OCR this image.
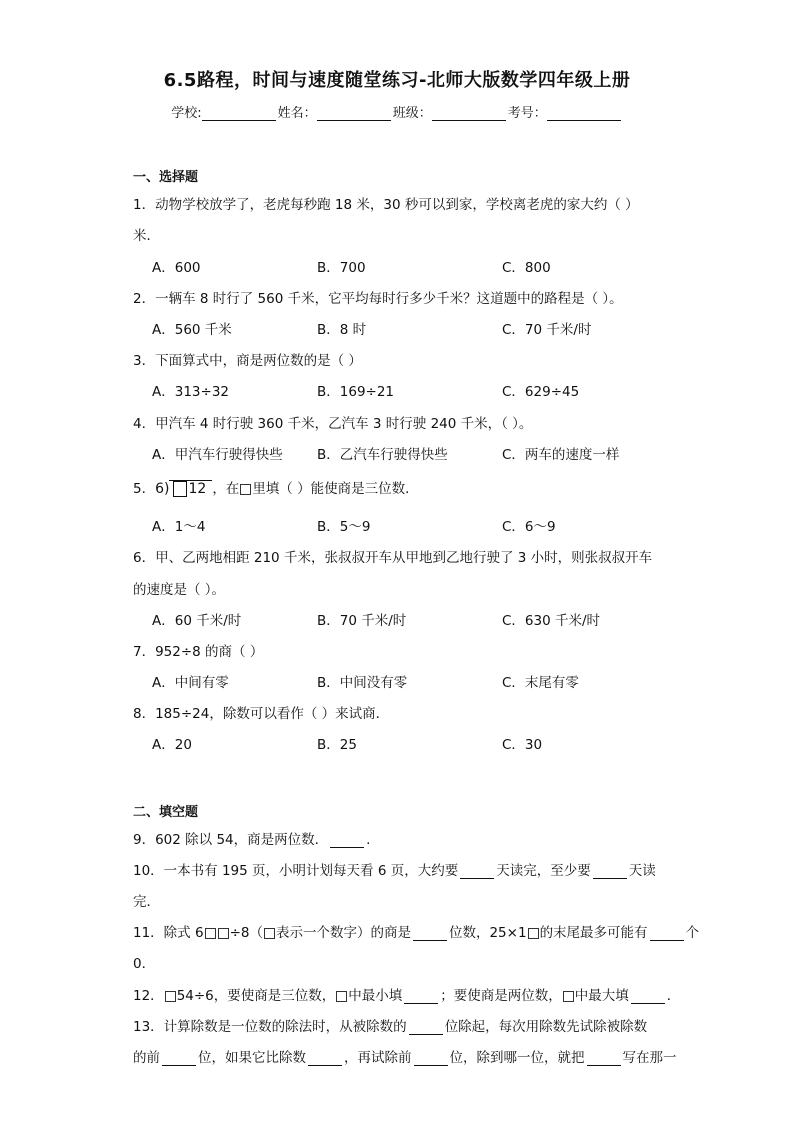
6.5路程，时间与速度随堂练习-北师大版数学四年级上册
学校:	姓名：	班级：	考号：
一、选择题
1．动物学校放学了，老虎每秒跑 18 米，30 秒可以到家，学校离老虎的家大约（ ）
米．
A．600	B．700	C．800
2．一辆车 8 时行了 560 千米，它平均每时行多少千米？这道题中的路程是（ ）。
A．560 千米	B．8 时	C．70 千米/时
3．下面算式中，商是两位数的是（ ）
A．313÷32	B．169÷21	C．629÷45
4．甲汽车 4 时行驶 360 千米，乙汽车 3 时行驶 240 千米，（ ）。
A．甲汽车行驶得快些	B．乙汽车行驶得快些	C．两车的速度一样
5．6) 12 ，在 里填（ ）能使商是三位数．
A．1～4	B．5～9	C．6～9
6．甲、乙两地相距 210 千米，张叔叔开车从甲地到乙地行驶了 3 小时，则张叔叔开车
的速度是（ ）。
A．60 千米/时	B．70 千米/时	C．630 千米/时
7．952÷8 的商（ ）
A．中间有零	B．中间没有零	C．末尾有零
8．185÷24，除数可以看作（ ）来试商．
A．20	B．25	C．30
二、填空题
9．602 除以 54，商是两位数．	.
10．一本书有 195 页，小明计划每天看 6 页，大约要	天读完，至少要	天读
完．
11．除式 6 ÷8（ 表示一个数字）的商是	位数，25×1 的末尾最多可能有	个
0．
12． 54÷6，要使商是三位数， 中最小填	；要使商是两位数， 中最大填	．
13．计算除数是一位数的除法时，从被除数的	位除起，每次用除数先试除被除数
的前	位，如果它比除数	，再试除前	位，除到哪一位，就把	写在那一
